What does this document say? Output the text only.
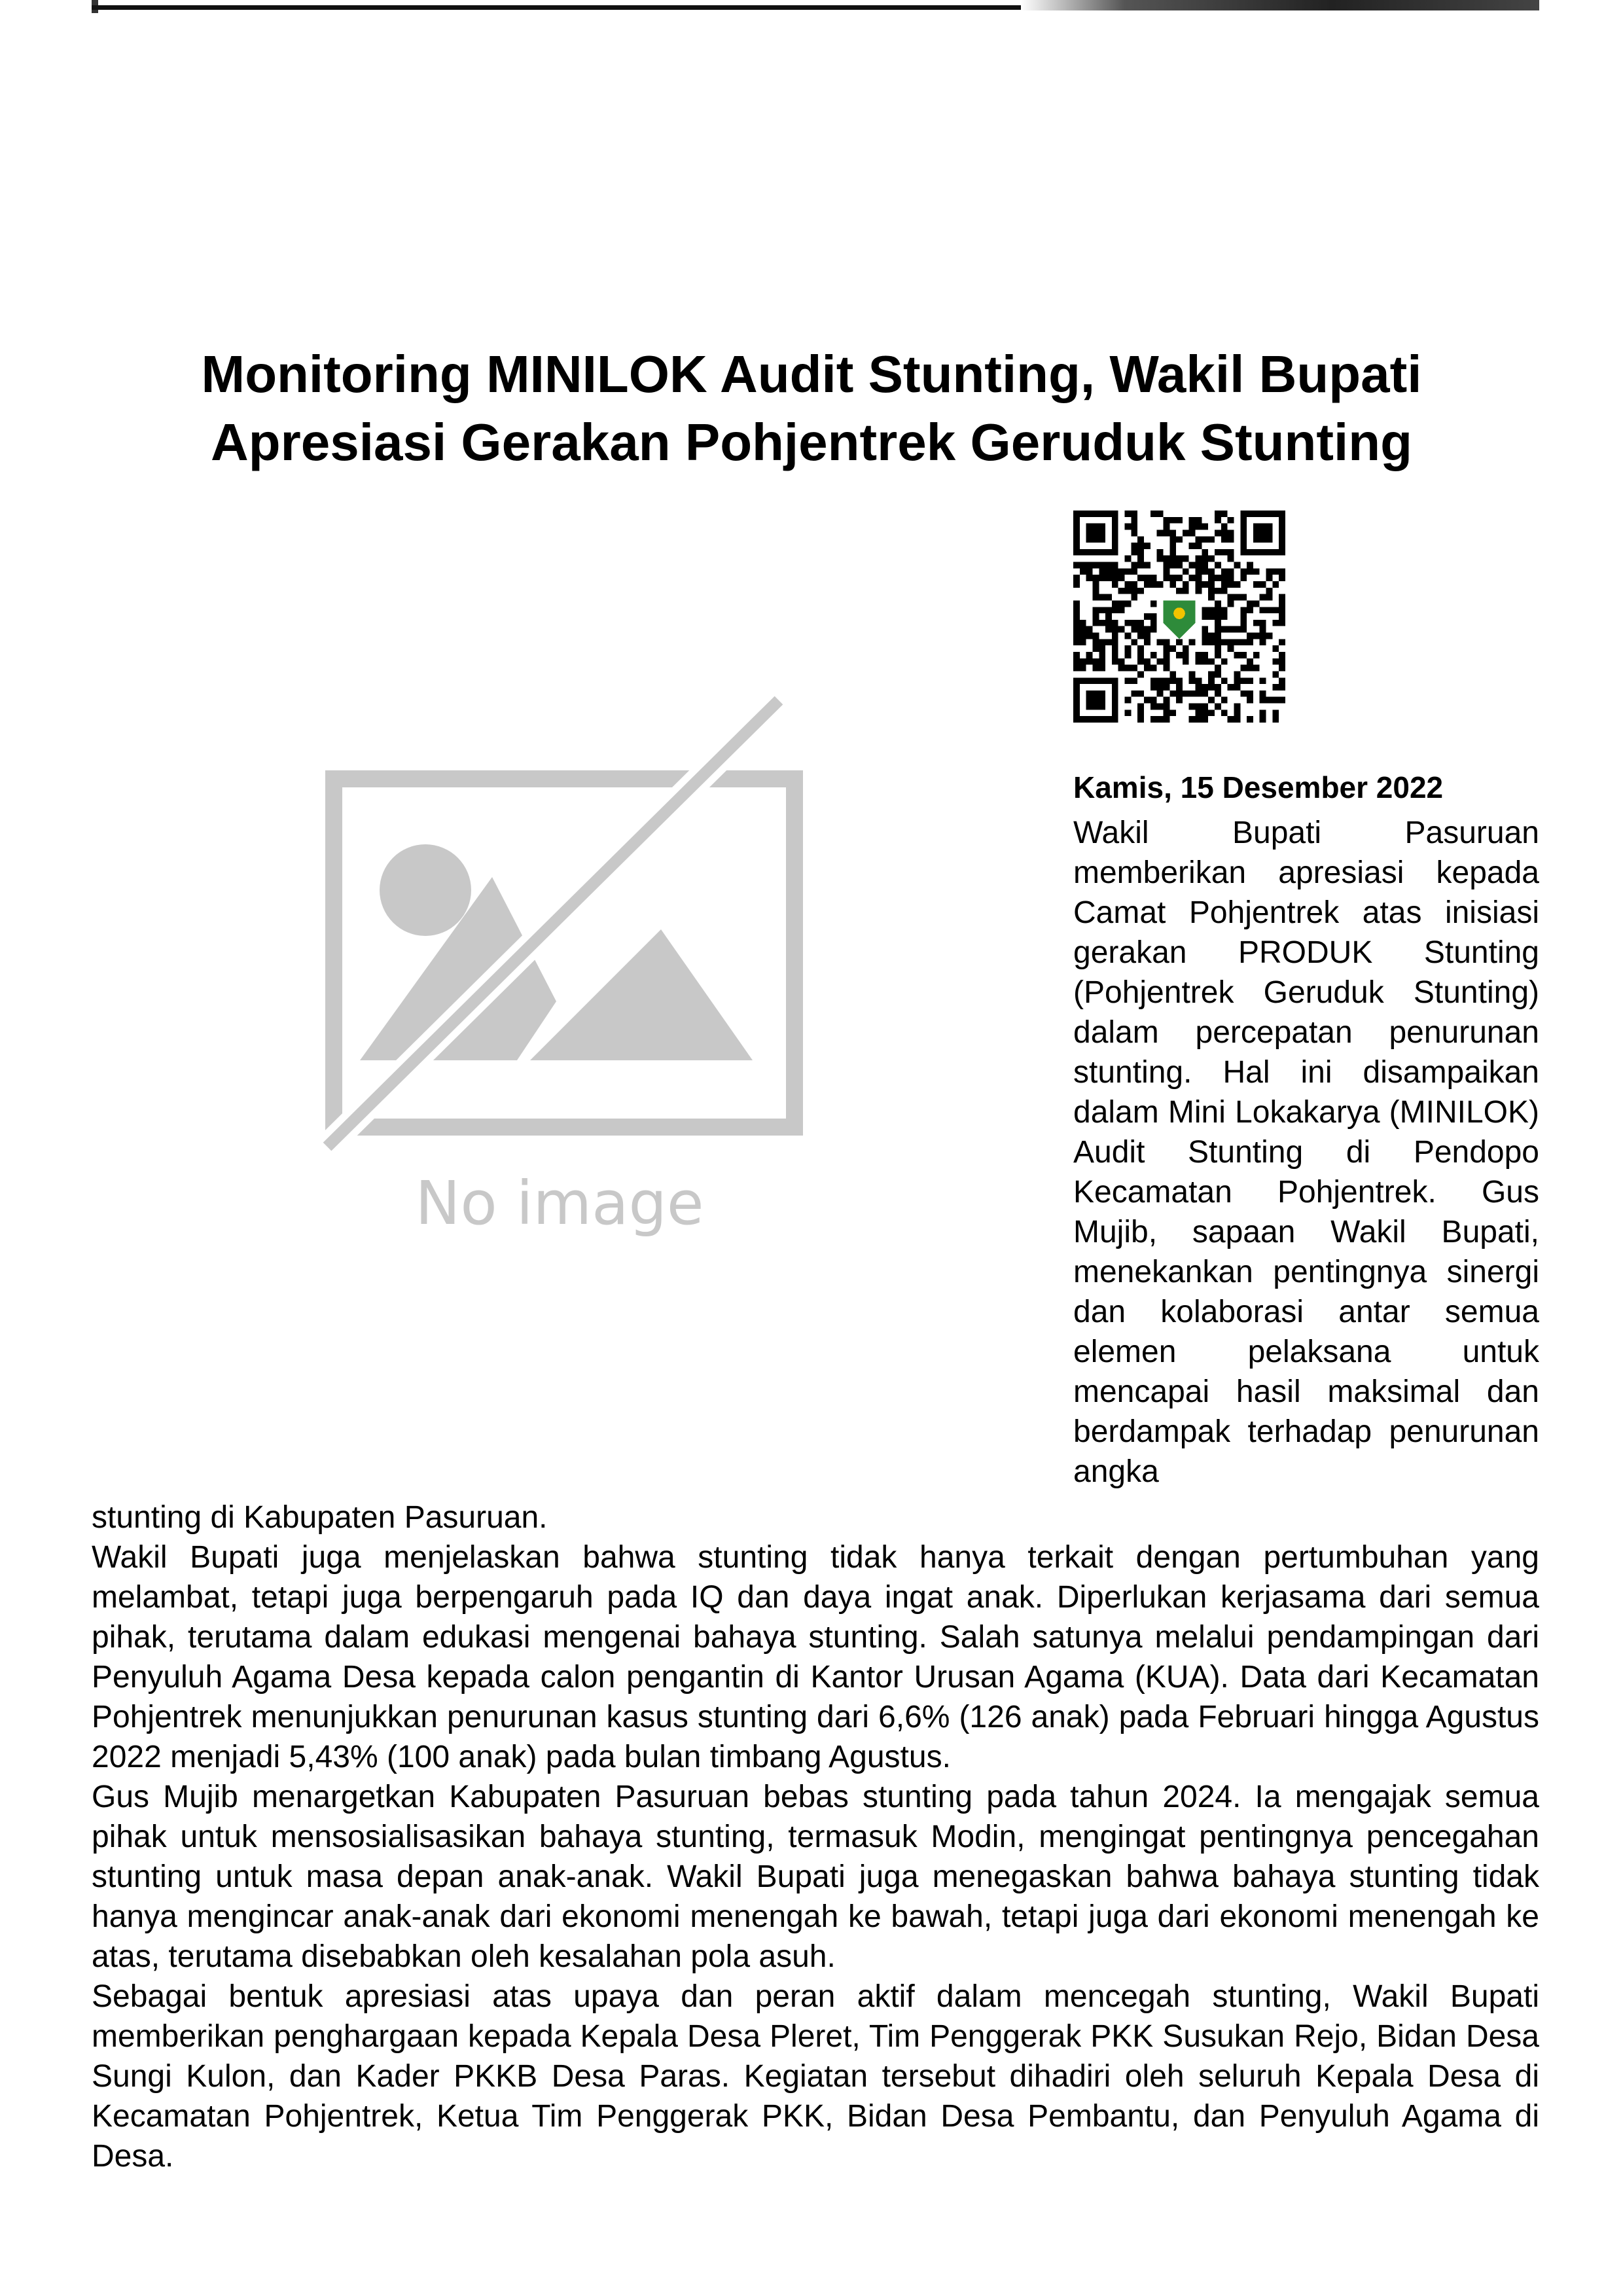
Monitoring MINILOK Audit Stunting, Wakil Bupati
Apresiasi Gerakan Pohjentrek Geruduk Stunting
No image

Kamis, 15 Desember 2022

Wakil Bupati Pasuruan memberikan apresiasi kepada Camat Pohjentrek atas inisiasi gerakan PRODUK Stunting (Pohjentrek Geruduk Stunting) dalam percepatan penurunan stunting. Hal ini disampaikan dalam Mini Lokakarya (MINILOK) Audit Stunting di Pendopo Kecamatan Pohjentrek. Gus Mujib, sapaan Wakil Bupati, menekankan pentingnya sinergi dan kolaborasi antar semua elemen pelaksana untuk mencapai hasil maksimal dan berdampak terhadap penurunan angka

stunting di Kabupaten Pasuruan.

Wakil Bupati juga menjelaskan bahwa stunting tidak hanya terkait dengan pertumbuhan yang melambat, tetapi juga berpengaruh pada IQ dan daya ingat anak. Diperlukan kerjasama dari semua pihak, terutama dalam edukasi mengenai bahaya stunting. Salah satunya melalui pendampingan dari Penyuluh Agama Desa kepada calon pengantin di Kantor Urusan Agama (KUA). Data dari Kecamatan Pohjentrek menunjukkan penurunan kasus stunting dari 6,6% (126 anak) pada Februari hingga Agustus 2022 menjadi 5,43% (100 anak) pada bulan timbang Agustus.

Gus Mujib menargetkan Kabupaten Pasuruan bebas stunting pada tahun 2024. Ia mengajak semua pihak untuk mensosialisasikan bahaya stunting, termasuk Modin, mengingat pentingnya pencegahan stunting untuk masa depan anak-anak. Wakil Bupati juga menegaskan bahwa bahaya stunting tidak hanya mengincar anak-anak dari ekonomi menengah ke bawah, tetapi juga dari ekonomi menengah ke atas, terutama disebabkan oleh kesalahan pola asuh.

Sebagai bentuk apresiasi atas upaya dan peran aktif dalam mencegah stunting, Wakil Bupati memberikan penghargaan kepada Kepala Desa Pleret, Tim Penggerak PKK Susukan Rejo, Bidan Desa Sungi Kulon, dan Kader PKKB Desa Paras. Kegiatan tersebut dihadiri oleh seluruh Kepala Desa di Kecamatan Pohjentrek, Ketua Tim Penggerak PKK, Bidan Desa Pembantu, dan Penyuluh Agama di Desa.
